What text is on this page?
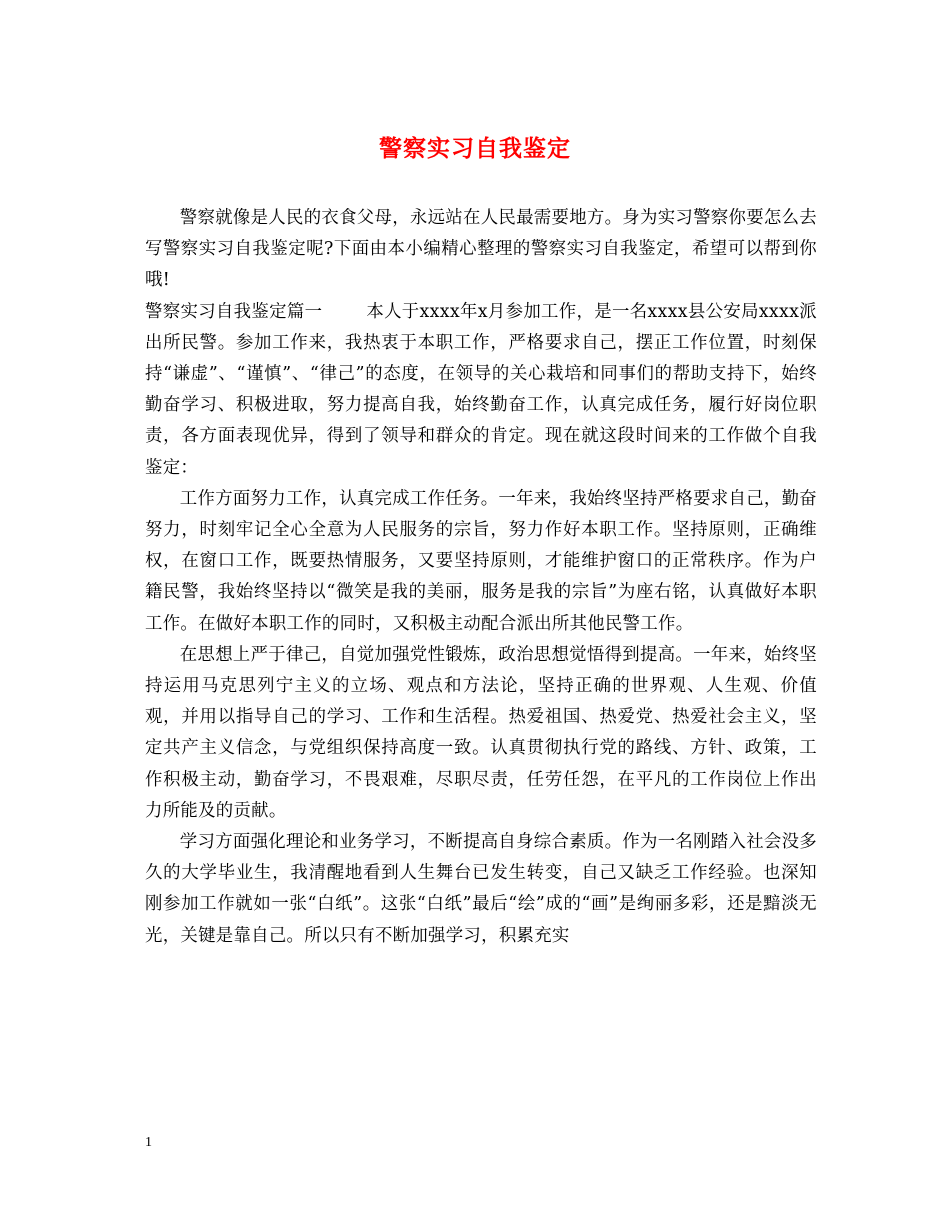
警察实习自我鉴定

警察就像是人民的衣食父母，永远站在人民最需要地方。身为实习警察你要怎么去写警察实习自我鉴定呢?下面由本小编精心整理的警察实习自我鉴定，希望可以帮到你哦!

警察实习自我鉴定篇一	本人于xxxx年x月参加工作，是一名xxxx县公安局xxxx派出所民警。参加工作来，我热衷于本职工作，严格要求自己，摆正工作位置，时刻保持“谦虚”、“谨慎”、“律己”的态度，在领导的关心栽培和同事们的帮助支持下，始终勤奋学习、积极进取，努力提高自我，始终勤奋工作，认真完成任务，履行好岗位职责，各方面表现优异，得到了领导和群众的肯定。现在就这段时间来的工作做个自我鉴定：

工作方面努力工作，认真完成工作任务。一年来，我始终坚持严格要求自己，勤奋努力，时刻牢记全心全意为人民服务的宗旨，努力作好本职工作。坚持原则，正确维权，在窗口工作，既要热情服务，又要坚持原则，才能维护窗口的正常秩序。作为户籍民警，我始终坚持以“微笑是我的美丽，服务是我的宗旨”为座右铭，认真做好本职工作。在做好本职工作的同时，又积极主动配合派出所其他民警工作。

在思想上严于律己，自觉加强党性锻炼，政治思想觉悟得到提高。一年来，始终坚持运用马克思列宁主义的立场、观点和方法论，坚持正确的世界观、人生观、价值观，并用以指导自己的学习、工作和生活程。热爱祖国、热爱党、热爱社会主义，坚定共产主义信念，与党组织保持高度一致。认真贯彻执行党的路线、方针、政策，工作积极主动，勤奋学习，不畏艰难，尽职尽责，任劳任怨，在平凡的工作岗位上作出力所能及的贡献。

学习方面强化理论和业务学习，不断提高自身综合素质。作为一名刚踏入社会没多久的大学毕业生，我清醒地看到人生舞台已发生转变，自己又缺乏工作经验。也深知刚参加工作就如一张“白纸”。这张“白纸”最后“绘”成的“画”是绚丽多彩，还是黯淡无光，关键是靠自己。所以只有不断加强学习，积累充实

1
